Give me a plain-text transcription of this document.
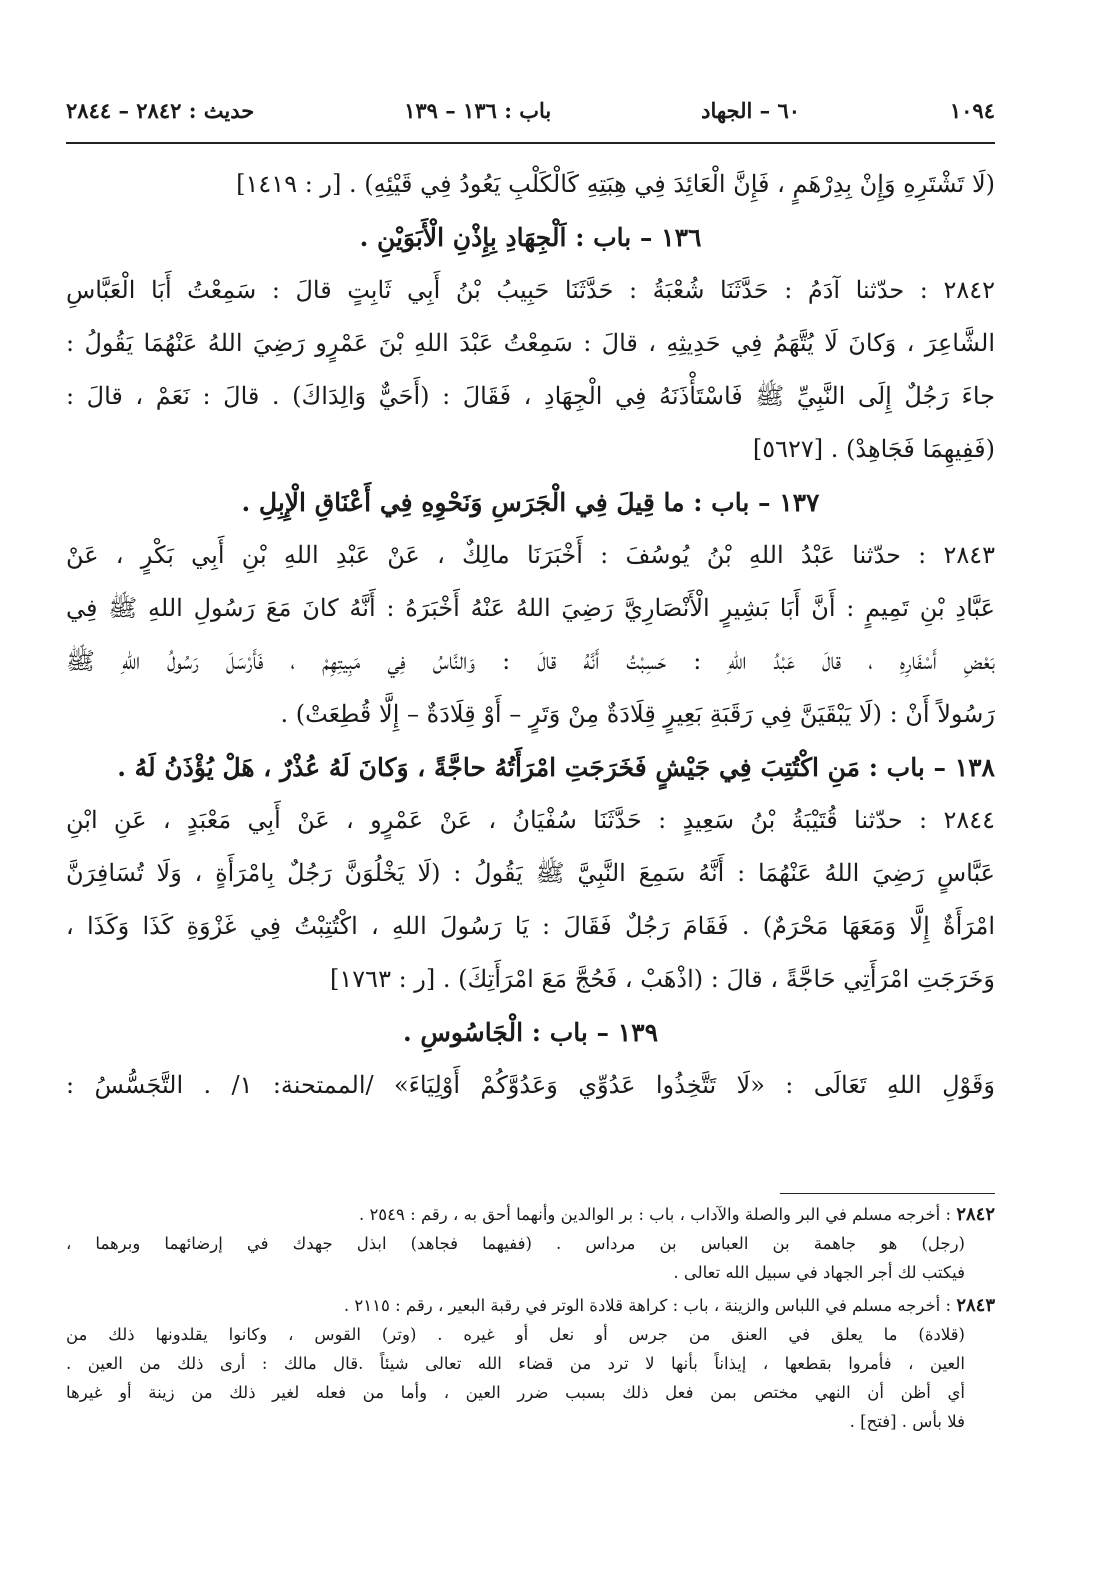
١٠٩٤
٦٠ – الجهاد
باب : ١٣٦ – ١٣٩
حديث : ٢٨٤٢ – ٢٨٤٤
(لَا تَشْتَرِهِ وَإِنْ بِدِرْهَمٍ ، فَإِنَّ الْعَائِدَ فِي هِبَتِهِ كَالْكَلْبِ يَعُودُ فِي قَيْئِهِ) . [ر : ١٤١٩]
١٣٦ – باب : اَلْجِهَادِ بِإِذْنِ الْأَبَوَيْنِ .
٢٨٤٢ : حدّثنا آدَمُ : حَدَّثَنَا شُعْبَةُ : حَدَّثَنَا حَبِيبُ بْنُ أَبِي ثَابِتٍ قالَ : سَمِعْتُ أَبَا الْعَبَّاسِ
الشَّاعِرَ ، وَكانَ لَا يُتَّهَمُ فِي حَدِيثِهِ ، قالَ : سَمِعْتُ عَبْدَ اللهِ بْنَ عَمْرٍو رَضِيَ اللهُ عَنْهُمَا يَقُولُ :
جاءَ رَجُلٌ إِلَى النَّبِيِّ ﷺ فَاسْتَأْذَنَهُ فِي الْجِهَادِ ، فَقَالَ : (أَحَيٌّ وَالِدَاكَ) . قالَ : نَعَمْ ، قالَ :
(فَفِيهِمَا فَجَاهِدْ) . [٥٦٢٧]
١٣٧ – باب : ما قِيلَ فِي الْجَرَسِ وَنَحْوِهِ فِي أَعْنَاقِ الْإِبِلِ .
٢٨٤٣ : حدّثنا عَبْدُ اللهِ بْنُ يُوسُفَ : أَخْبَرَنَا مالِكٌ ، عَنْ عَبْدِ اللهِ بْنِ أَبِي بَكْرٍ ، عَنْ
عَبَّادِ بْنِ تَمِيمٍ : أَنَّ أَبَا بَشِيرٍ الْأَنْصَارِيَّ رَضِيَ اللهُ عَنْهُ أَخْبَرَهُ : أَنَّهُ كانَ مَعَ رَسُولِ اللهِ ﷺ فِي
بَعْضِ أَسْفَارِهِ ، قالَ عَبْدُ اللهِ : حَسِبْتُ أَنَّهُ قالَ : وَالنَّاسُ فِي مَبِيتِهِمْ ، فَأَرْسَلَ رَسُولُ اللهِ ﷺ
رَسُولاً أَنْ : (لَا يَبْقَيَنَّ فِي رَقَبَةِ بَعِيرٍ قِلَادَةٌ مِنْ وَتَرٍ – أَوْ قِلَادَةٌ – إِلَّا قُطِعَتْ) .
١٣٨ – باب : مَنِ اكْتُتِبَ فِي جَيْشٍ فَخَرَجَتِ امْرَأَتُهُ حاجَّةً ، وَكانَ لَهُ عُذْرٌ ، هَلْ يُؤْذَنُ لَهُ .
٢٨٤٤ : حدّثنا قُتَيْبَةُ بْنُ سَعِيدٍ : حَدَّثَنَا سُفْيَانُ ، عَنْ عَمْرٍو ، عَنْ أَبِي مَعْبَدٍ ، عَنِ ابْنِ
عَبَّاسٍ رَضِيَ اللهُ عَنْهُمَا : أَنَّهُ سَمِعَ النَّبِيَّ ﷺ يَقُولُ : (لَا يَخْلُوَنَّ رَجُلٌ بِامْرَأَةٍ ، وَلَا تُسَافِرَنَّ
امْرَأَةٌ إِلَّا وَمَعَهَا مَحْرَمٌ) . فَقَامَ رَجُلٌ فَقَالَ : يَا رَسُولَ اللهِ ، اكْتُتِبْتُ فِي غَزْوَةِ كَذَا وَكَذَا ،
وَخَرَجَتِ امْرَأَتِي حَاجَّةً ، قالَ : (اذْهَبْ ، فَحُجَّ مَعَ امْرَأَتِكَ) . [ر : ١٧٦٣]
١٣٩ – باب : الْجَاسُوسِ .
وَقَوْلِ اللهِ تَعَالَى : «لَا تَتَّخِذُوا عَدُوِّي وَعَدُوَّكُمْ أَوْلِيَاءَ» /الممتحنة: ١/ . التَّجَسُّسُ :
٢٨٤٢ : أخرجه مسلم في البر والصلة والآداب ، باب : بر الوالدين وأنهما أحق به ، رقم : ٢٥٤٩ .
(رجل) هو جاهمة بن العباس بن مرداس . (ففيهما فجاهد) ابذل جهدك في إرضائهما وبرهما ،
فيكتب لك أجر الجهاد في سبيل الله تعالى .
٢٨٤٣ : أخرجه مسلم في اللباس والزينة ، باب : كراهة قلادة الوتر في رقبة البعير ، رقم : ٢١١٥ .
(قلادة) ما يعلق في العنق من جرس أو نعل أو غيره . (وتر) القوس ، وكانوا يقلدونها ذلك من
العين ، فأمروا بقطعها ، إيذاناً بأنها لا ترد من قضاء الله تعالى شيئاً .قال مالك : أرى ذلك من العين .
أي أظن أن النهي مختص بمن فعل ذلك بسبب ضرر العين ، وأما من فعله لغير ذلك من زينة أو غيرها
فلا بأس . [فتح] .
